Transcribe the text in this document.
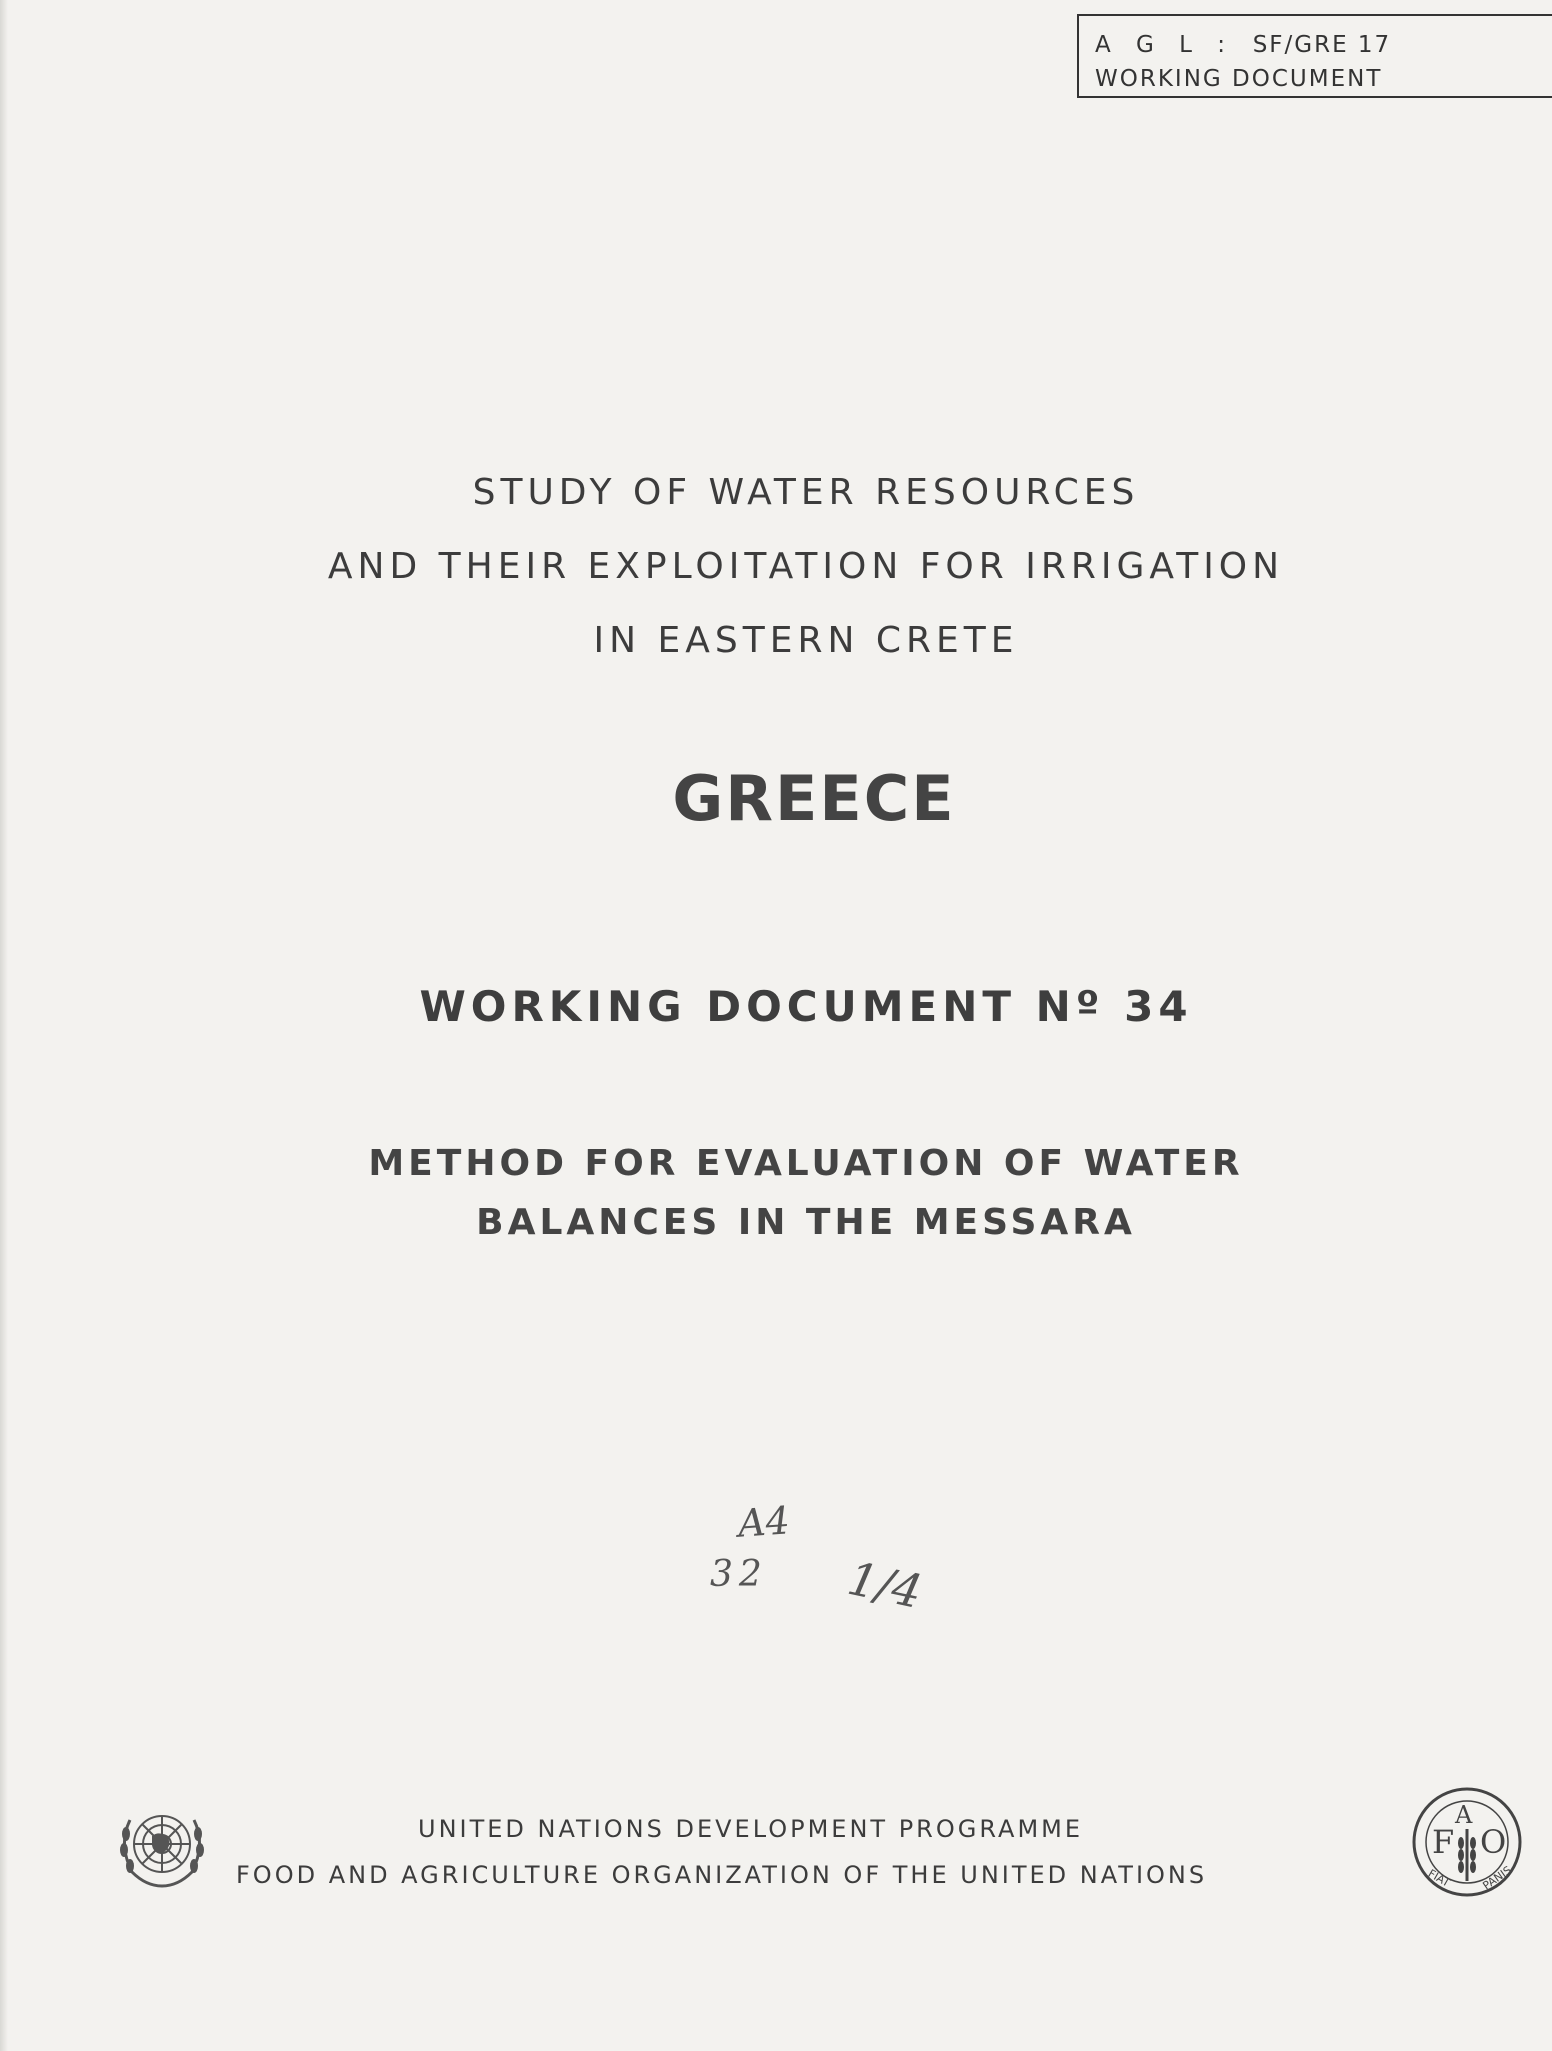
A G L : SF/GRE 17
WORKING DOCUMENT
STUDY OF WATER RESOURCES
AND THEIR EXPLOITATION FOR IRRIGATION
IN EASTERN CRETE
GREECE
WORKING DOCUMENT Nº 34
METHOD FOR EVALUATION OF WATER
BALANCES IN THE MESSARA
A4
32 1/4
UNITED NATIONS DEVELOPMENT PROGRAMME
FOOD AND AGRICULTURE ORGANIZATION OF THE UNITED NATIONS
F
A
O
FIAT	PANIS
